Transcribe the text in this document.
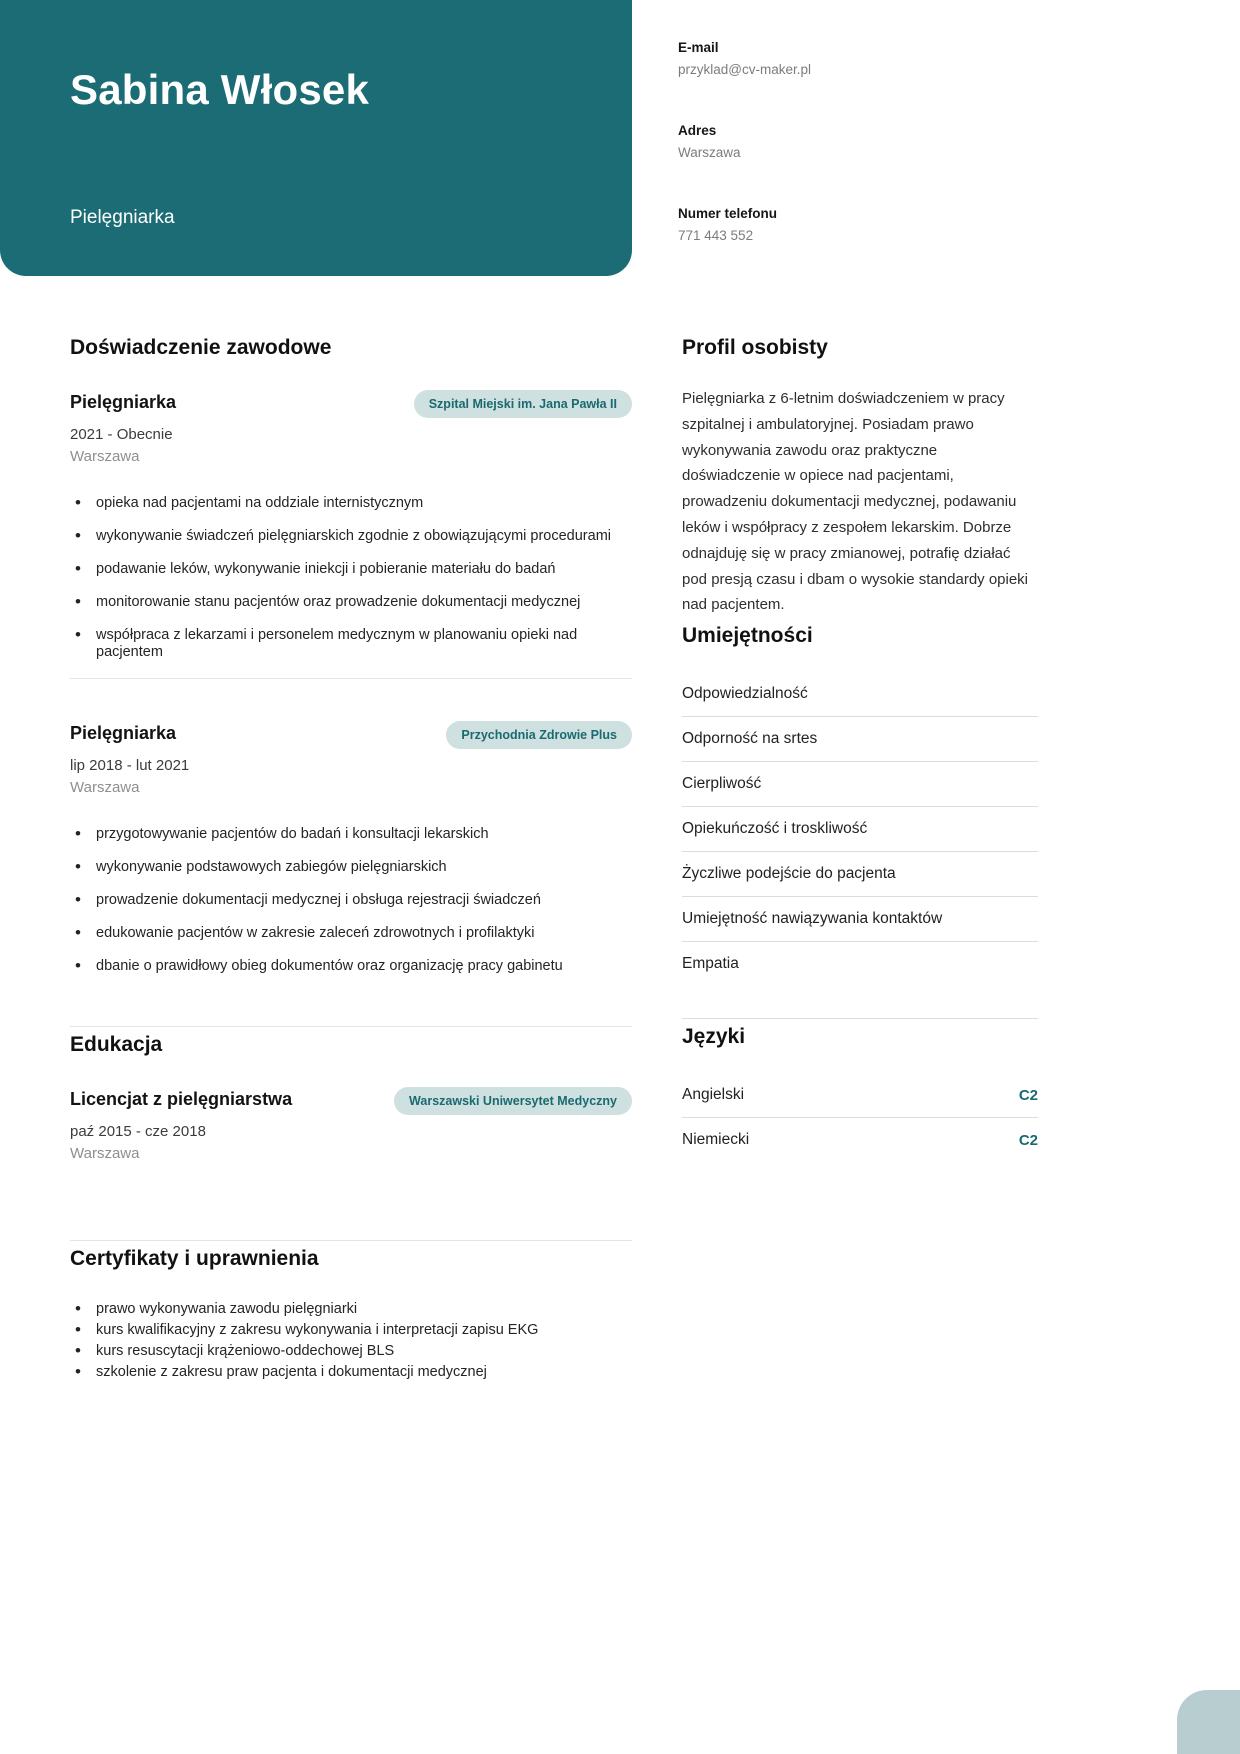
Sabina Włosek
Pielęgniarka
E-mail
przyklad@cv-maker.pl
Adres
Warszawa
Numer telefonu
771 443 552
Doświadczenie zawodowe
Pielęgniarka	Szpital Miejski im. Jana Pawła II
2021 - Obecnie
Warszawa
• opieka nad pacjentami na oddziale internistycznym
• wykonywanie świadczeń pielęgniarskich zgodnie z obowiązującymi procedurami
• podawanie leków, wykonywanie iniekcji i pobieranie materiału do badań
• monitorowanie stanu pacjentów oraz prowadzenie dokumentacji medycznej
• współpraca z lekarzami i personelem medycznym w planowaniu opieki nad pacjentem
Pielęgniarka	Przychodnia Zdrowie Plus
lip 2018 - lut 2021
Warszawa
• przygotowywanie pacjentów do badań i konsultacji lekarskich
• wykonywanie podstawowych zabiegów pielęgniarskich
• prowadzenie dokumentacji medycznej i obsługa rejestracji świadczeń
• edukowanie pacjentów w zakresie zaleceń zdrowotnych i profilaktyki
• dbanie o prawidłowy obieg dokumentów oraz organizację pracy gabinetu
Edukacja
Licencjat z pielęgniarstwa	Warszawski Uniwersytet Medyczny
paź 2015 - cze 2018
Warszawa
Certyfikaty i uprawnienia
• prawo wykonywania zawodu pielęgniarki
• kurs kwalifikacyjny z zakresu wykonywania i interpretacji zapisu EKG
• kurs resuscytacji krążeniowo-oddechowej BLS
• szkolenie z zakresu praw pacjenta i dokumentacji medycznej
Profil osobisty

Pielęgniarka z 6-letnim doświadczeniem w pracy szpitalnej i ambulatoryjnej. Posiadam prawo wykonywania zawodu oraz praktyczne doświadczenie w opiece nad pacjentami, prowadzeniu dokumentacji medycznej, podawaniu leków i współpracy z zespołem lekarskim. Dobrze odnajduję się w pracy zmianowej, potrafię działać pod presją czasu i dbam o wysokie standardy opieki nad pacjentem.

Umiejętności
Odpowiedzialność
Odporność na srtes
Cierpliwość
Opiekuńczość i troskliwość
Życzliwe podejście do pacjenta
Umiejętność nawiązywania kontaktów
Empatia
Języki
Angielski	C2
Niemiecki	C2
